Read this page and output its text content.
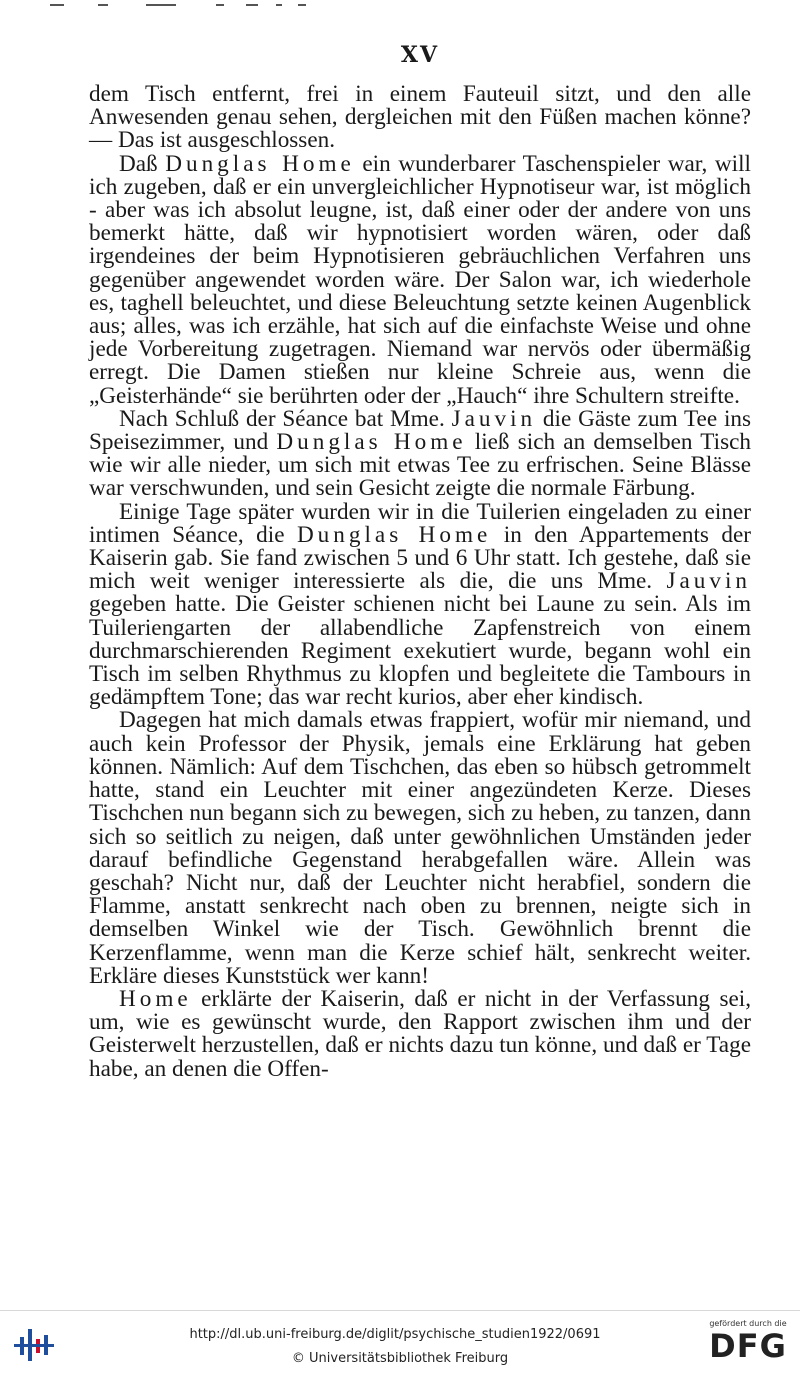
XV

dem Tisch entfernt, frei in einem Fauteuil sitzt, und den alle Anwesenden genau sehen, dergleichen mit den Füßen machen könne? — Das ist ausgeschlossen.

Daß Dunglas Home ein wunderbarer Taschenspieler war, will ich zugeben, daß er ein unvergleichlicher Hypnotiseur war, ist möglich - aber was ich absolut leugne, ist, daß einer oder der andere von uns bemerkt hätte, daß wir hypnotisiert worden wären, oder daß irgendeines der beim Hypnotisieren gebräuchlichen Verfahren uns gegenüber angewendet worden wäre. Der Salon war, ich wiederhole es, taghell beleuchtet, und diese Beleuchtung setzte keinen Augenblick aus; alles, was ich erzähle, hat sich auf die einfachste Weise und ohne jede Vorbereitung zugetragen. Niemand war nervös oder übermäßig erregt. Die Damen stießen nur kleine Schreie aus, wenn die „Geisterhände“ sie berührten oder der „Hauch“ ihre Schultern streifte.

Nach Schluß der Séance bat Mme. Jauvin die Gäste zum Tee ins Speisezimmer, und Dunglas Home ließ sich an demselben Tisch wie wir alle nieder, um sich mit etwas Tee zu erfrischen. Seine Blässe war verschwunden, und sein Gesicht zeigte die normale Färbung.

Einige Tage später wurden wir in die Tuilerien eingeladen zu einer intimen Séance, die Dunglas Home in den Appartements der Kaiserin gab. Sie fand zwischen 5 und 6 Uhr statt. Ich gestehe, daß sie mich weit weniger interessierte als die, die uns Mme. Jauvin gegeben hatte. Die Geister schienen nicht bei Laune zu sein. Als im Tuileriengarten der allabendliche Zapfenstreich von einem durchmarschierenden Regiment exekutiert wurde, begann wohl ein Tisch im selben Rhythmus zu klopfen und begleitete die Tambours in gedämpftem Tone; das war recht kurios, aber eher kindisch.

Dagegen hat mich damals etwas frappiert, wofür mir niemand, und auch kein Professor der Physik, jemals eine Erklärung hat geben können. Nämlich: Auf dem Tischchen, das eben so hübsch getrommelt hatte, stand ein Leuchter mit einer angezündeten Kerze. Dieses Tischchen nun begann sich zu bewegen, sich zu heben, zu tanzen, dann sich so seitlich zu neigen, daß unter gewöhnlichen Umständen jeder darauf befindliche Gegenstand herabgefallen wäre. Allein was geschah? Nicht nur, daß der Leuchter nicht herabfiel, sondern die Flamme, anstatt senkrecht nach oben zu brennen, neigte sich in demselben Winkel wie der Tisch. Gewöhnlich brennt die Kerzenflamme, wenn man die Kerze schief hält, senkrecht weiter. Erkläre dieses Kunststück wer kann!

Home erklärte der Kaiserin, daß er nicht in der Verfassung sei, um, wie es gewünscht wurde, den Rapport zwischen ihm und der Geisterwelt herzustellen, daß er nichts dazu tun könne, und daß er Tage habe, an denen die Offen-

http://dl.ub.uni-freiburg.de/diglit/psychische_studien1922/0691
© Universitätsbibliothek Freiburg
gefördert durch die
DFG
